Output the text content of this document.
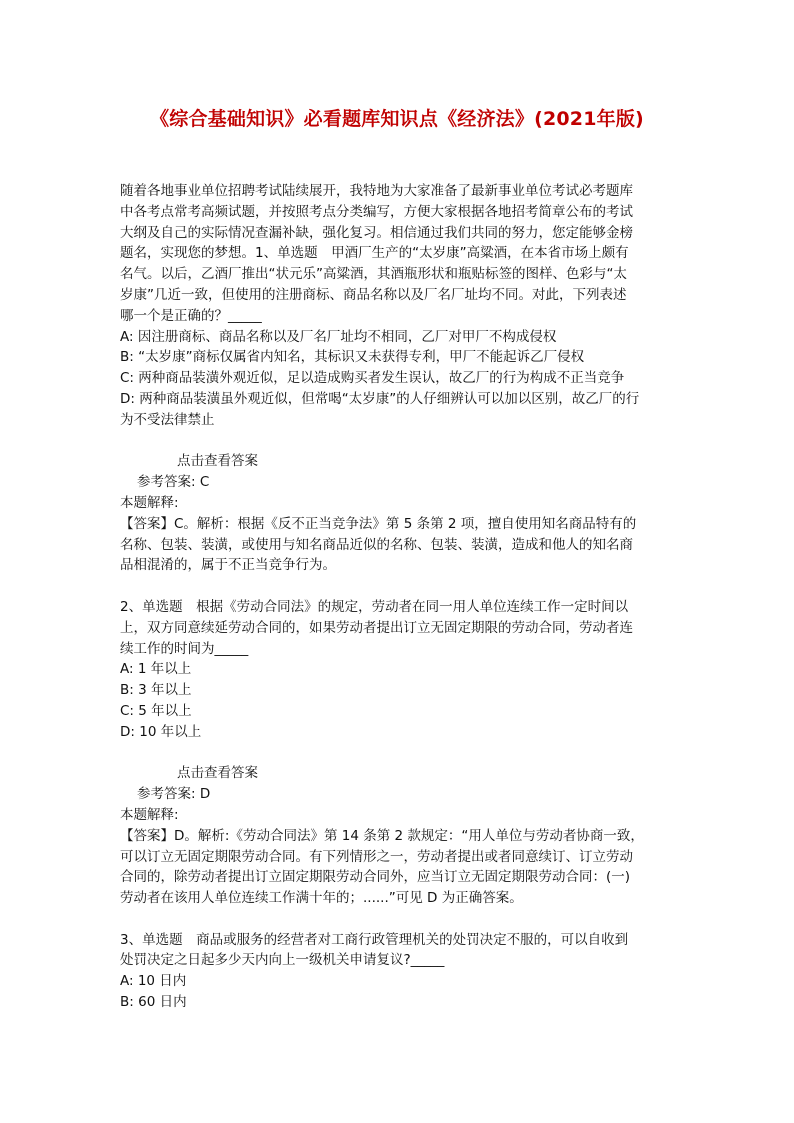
《综合基础知识》必看题库知识点《经济法》(2021年版)

随着各地事业单位招聘考试陆续展开，我特地为大家准备了最新事业单位考试必考题库

中各考点常考高频试题，并按照考点分类编写，方便大家根据各地招考简章公布的考试

大纲及自己的实际情况查漏补缺，强化复习。相信通过我们共同的努力，您定能够金榜

题名，实现您的梦想。1、单选题　甲酒厂生产的“太岁康”高粱酒，在本省市场上颇有

名气。以后，乙酒厂推出“状元乐”高粱酒，其酒瓶形状和瓶贴标签的图样、色彩与“太

岁康”几近一致，但使用的注册商标、商品名称以及厂名厂址均不同。对此，下列表述

哪一个是正确的？_____

A: 因注册商标、商品名称以及厂名厂址均不相同，乙厂对甲厂不构成侵权

B: “太岁康”商标仅属省内知名，其标识又未获得专利，甲厂不能起诉乙厂侵权

C: 两种商品装潢外观近似，足以造成购买者发生误认，故乙厂的行为构成不正当竞争

D: 两种商品装潢虽外观近似，但常喝“太岁康”的人仔细辨认可以加以区别，故乙厂的行

为不受法律禁止

点击查看答案

参考答案: C

本题解释:

【答案】C。解析：根据《反不正当竞争法》第 5 条第 2 项，擅自使用知名商品特有的

名称、包装、装潢，或使用与知名商品近似的名称、包装、装潢，造成和他人的知名商

品相混淆的，属于不正当竞争行为。

2、单选题　根据《劳动合同法》的规定，劳动者在同一用人单位连续工作一定时间以

上，双方同意续延劳动合同的，如果劳动者提出订立无固定期限的劳动合同，劳动者连

续工作的时间为_____

A: 1 年以上

B: 3 年以上

C: 5 年以上

D: 10 年以上

点击查看答案

参考答案: D

本题解释:

【答案】D。解析:《劳动合同法》第 14 条第 2 款规定：“用人单位与劳动者协商一致，

可以订立无固定期限劳动合同。有下列情形之一，劳动者提出或者同意续订、订立劳动

合同的，除劳动者提出订立固定期限劳动合同外，应当订立无固定期限劳动合同：(一)

劳动者在该用人单位连续工作满十年的；......”可见 D 为正确答案。

3、单选题　商品或服务的经营者对工商行政管理机关的处罚决定不服的，可以自收到

处罚决定之日起多少天内向上一级机关申请复议?_____

A: 10 日内

B: 60 日内
